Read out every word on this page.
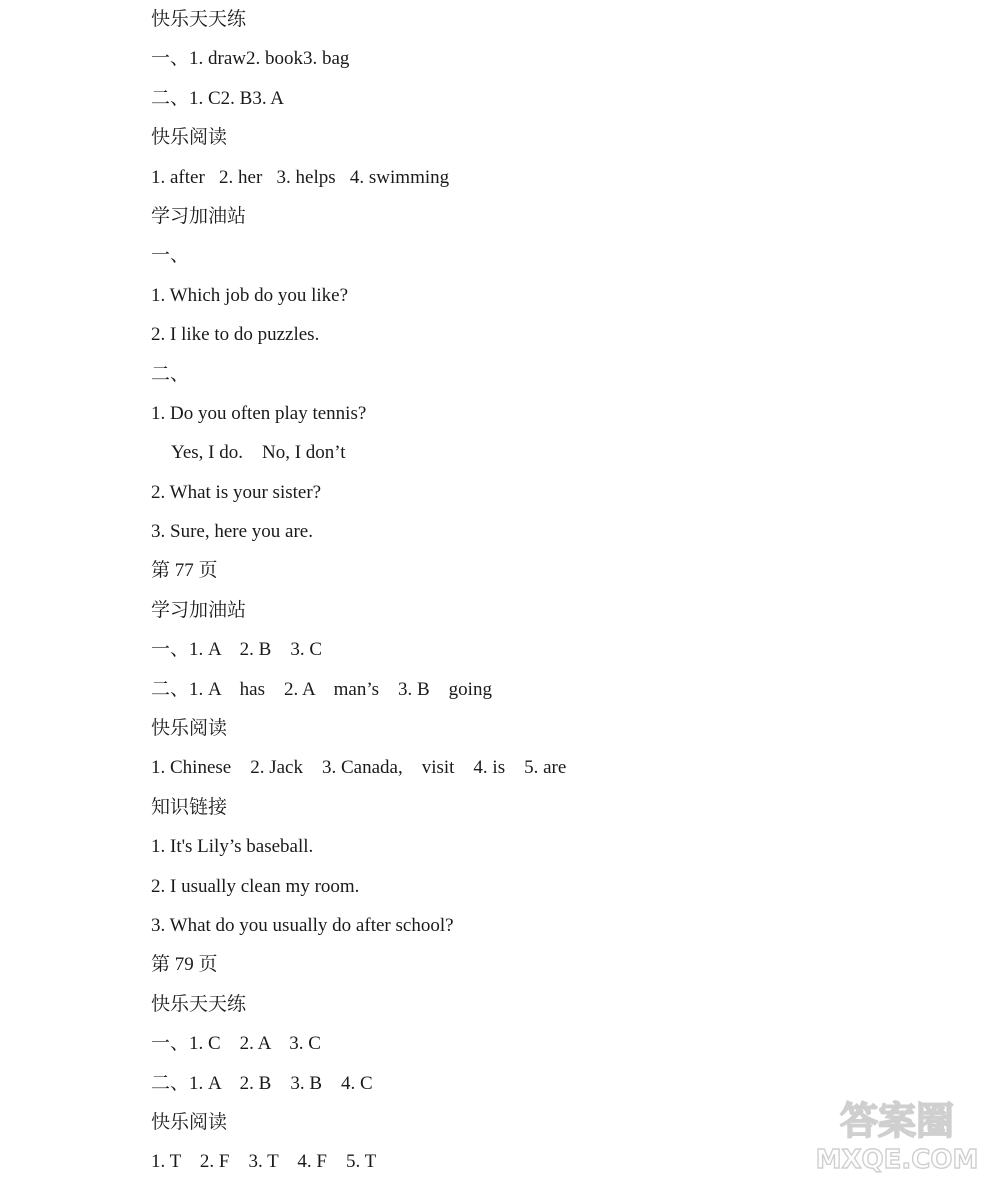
快乐天天练
一、1. draw2. book3. bag
二、1. C2. B3. A
快乐阅读
1. after   2. her   3. helps   4. swimming
学习加油站
一、
1. Which job do you like?
2. I like to do puzzles.
二、
1. Do you often play tennis?
Yes, I do.    No, I don’t
2. What is your sister?
3. Sure, here you are.
第 77 页
学习加油站
一、1. A    2. B    3. C
二、1. A    has    2. A    man’s    3. B    going
快乐阅读
1. Chinese    2. Jack    3. Canada,    visit    4. is    5. are
知识链接
1. It's Lily’s baseball.
2. I usually clean my room.
3. What do you usually do after school?
第 79 页
快乐天天练
一、1. C    2. A    3. C
二、1. A    2. B    3. B    4. C
快乐阅读
1. T    2. F    3. T    4. F    5. T
答案圈
MXQE.COM
